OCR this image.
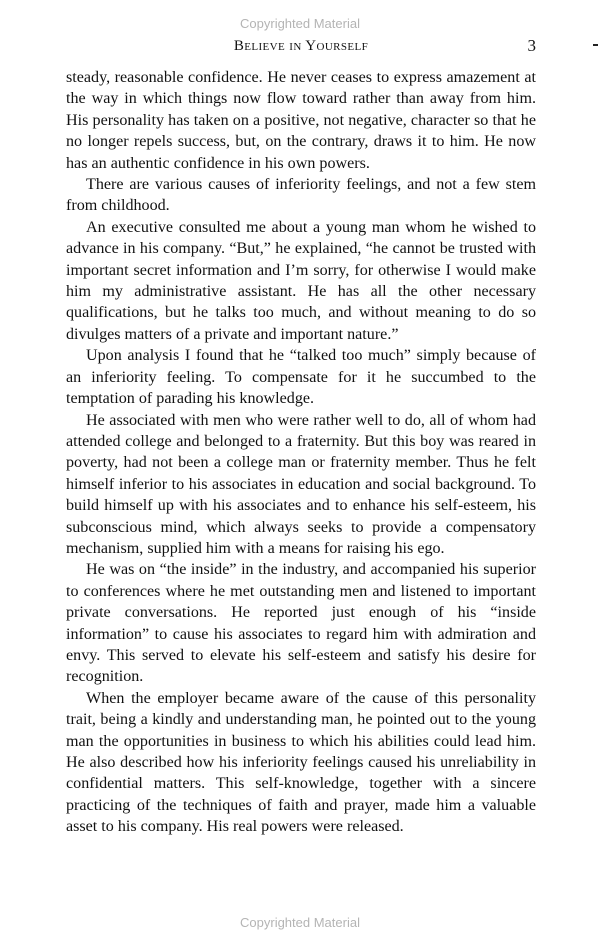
Copyrighted Material
Believe in Yourself	3

steady, reasonable confidence. He never ceases to express amazement at the way in which things now flow toward rather than away from him. His personality has taken on a positive, not negative, character so that he no longer repels success, but, on the contrary, draws it to him. He now has an authentic confidence in his own powers.

There are various causes of inferiority feelings, and not a few stem from childhood.

An executive consulted me about a young man whom he wished to advance in his company. “But,” he explained, “he cannot be trusted with important secret information and I’m sorry, for otherwise I would make him my administrative assistant. He has all the other necessary qualifications, but he talks too much, and without meaning to do so divulges matters of a private and important nature.”

Upon analysis I found that he “talked too much” simply because of an inferiority feeling. To compensate for it he succumbed to the temptation of parading his knowledge.

He associated with men who were rather well to do, all of whom had attended college and belonged to a fraternity. But this boy was reared in poverty, had not been a college man or fraternity member. Thus he felt himself inferior to his associates in education and social background. To build himself up with his associates and to enhance his self-esteem, his subconscious mind, which always seeks to provide a compensatory mechanism, supplied him with a means for raising his ego.

He was on “the inside” in the industry, and accompanied his superior to conferences where he met outstanding men and listened to important private conversations. He reported just enough of his “inside information” to cause his associates to regard him with admiration and envy. This served to elevate his self-esteem and satisfy his desire for recognition.

When the employer became aware of the cause of this personality trait, being a kindly and understanding man, he pointed out to the young man the opportunities in business to which his abilities could lead him. He also described how his inferiority feelings caused his unreliability in confidential matters. This self-knowledge, together with a sincere practicing of the techniques of faith and prayer, made him a valuable asset to his company. His real powers were released.

Copyrighted Material
